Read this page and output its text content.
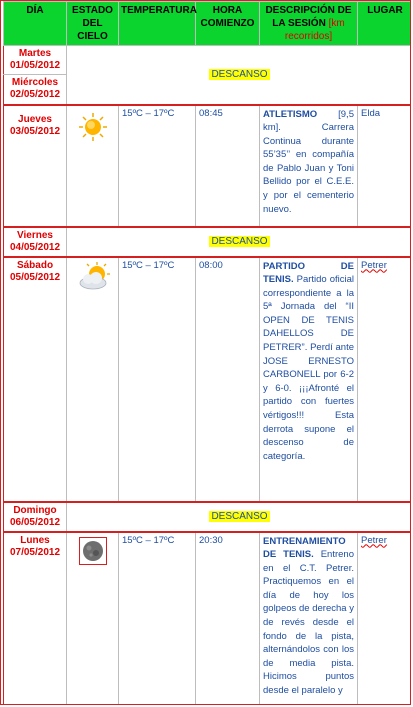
DÍA	ESTADO DEL CIELO	TEMPERATURA	HORA COMIENZO	DESCRIPCIÓN DE LA SESIÓN [km recorridos]	LUGAR

Martes
01/05/2012	DESCANSO				

Miércoles
02/05/2012					

Jueves
03/05/2012		15ºC – 17ºC	08:45	ATLETISMO [9,5 km]. Carrera Continua durante 55’35’’ en compañía de Pablo Juan y Toni Bellido por el C.E.E. y por el cementerio nuevo.	Elda

Viernes
04/05/2012	DESCANSO				

Sábado
05/05/2012		15ºC – 17ºC	08:00	PARTIDO DE TENIS. Partido oficial correspondiente a la 5ª Jornada del “II OPEN DE TENIS DAHELLOS DE PETRER”. Perdí ante JOSE ERNESTO CARBONELL por 6-2 y 6-0. ¡¡¡Afronté el partido con fuertes vértigos!!! Esta derrota supone el descenso de categoría.	Petrer

Domingo
06/05/2012	DESCANSO				

Lunes
07/05/2012		15ºC – 17ºC	20:30	ENTRENAMIENTO DE TENIS. Entreno en el C.T. Petrer. Practiquemos en el día de hoy los golpeos de derecha y de revés desde el fondo de la pista, alternándolos con los de media pista. Hicimos puntos desde el paralelo y	Petrer
